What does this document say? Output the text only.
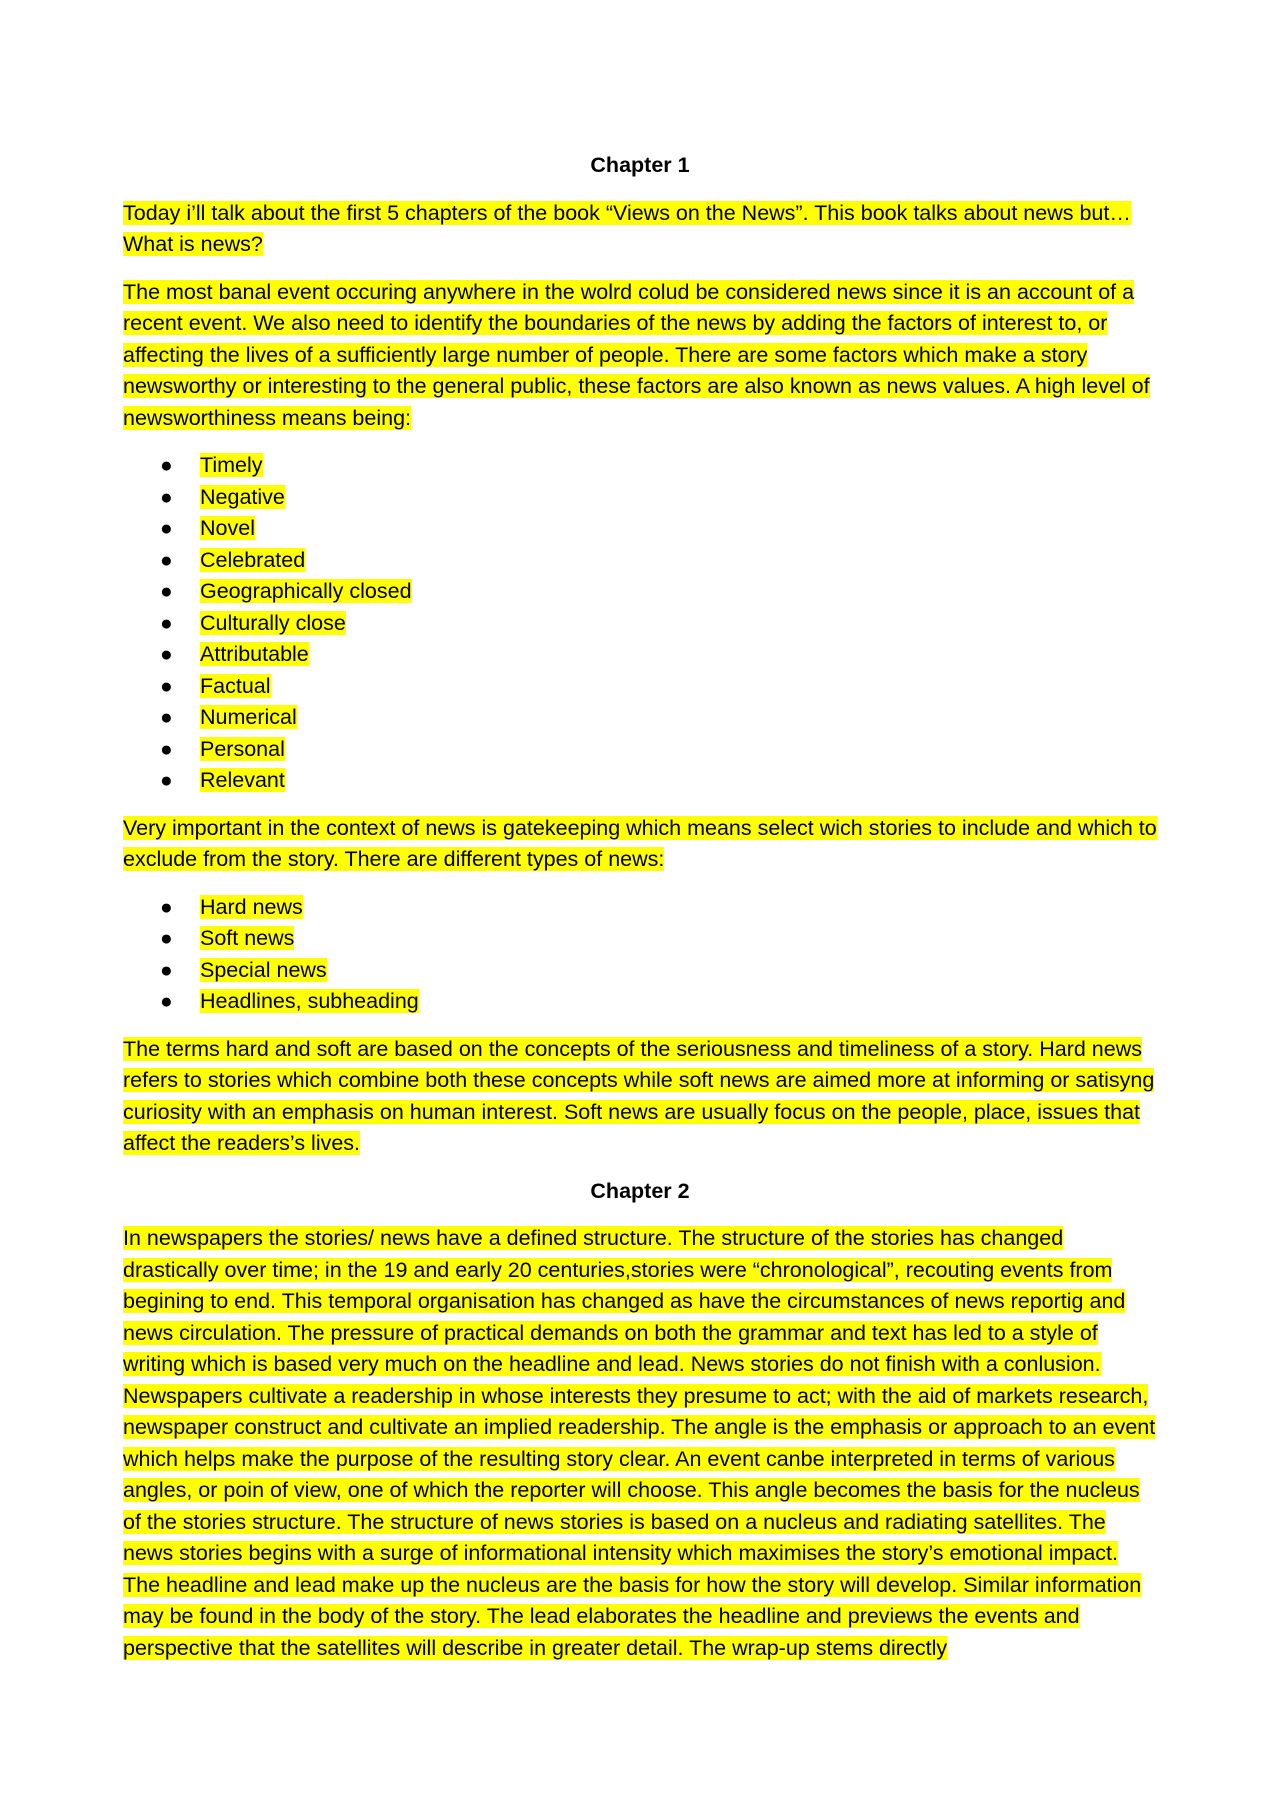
Chapter 1

Today i’ll talk about the first 5 chapters of the book “Views on the News”. This book talks about news but… What is news?

The most banal event occuring anywhere in the wolrd colud be considered news since it is an account of a recent event. We also need to identify the boundaries of the news by adding the factors of interest to, or affecting the lives of a sufficiently large number of people. There are some factors which make a story newsworthy or interesting to the general public, these factors are also known as news values. A high level of newsworthiness means being:

● Timely
● Negative
● Novel
● Celebrated
● Geographically closed
● Culturally close
● Attributable
● Factual
● Numerical
● Personal
● Relevant

Very important in the context of news is gatekeeping which means select wich stories to include and which to exclude from the story. There are different types of news:

● Hard news
● Soft news
● Special news
● Headlines, subheading

The terms hard and soft are based on the concepts of the seriousness and timeliness of a story. Hard news refers to stories which combine both these concepts while soft news are aimed more at informing or satisyng curiosity with an emphasis on human interest. Soft news are usually focus on the people, place, issues that affect the readers’s lives.

Chapter 2

In newspapers the stories/ news have a defined structure. The structure of the stories has changed drastically over time; in the 19 and early 20 centuries,stories were “chronological”, recouting events from begining to end. This temporal organisation has changed as have the circumstances of news reportig and news circulation. The pressure of practical demands on both the grammar and text has led to a style of writing which is based very much on the headline and lead. News stories do not finish with a conlusion. Newspapers cultivate a readership in whose interests they presume to act; with the aid of markets research, newspaper construct and cultivate an implied readership. The angle is the emphasis or approach to an event which helps make the purpose of the resulting story clear. An event canbe interpreted in terms of various angles, or poin of view, one of which the reporter will choose. This angle becomes the basis for the nucleus of the stories structure. The structure of news stories is based on a nucleus and radiating satellites. The news stories begins with a surge of informational intensity which maximises the story’s emotional impact. The headline and lead make up the nucleus are the basis for how the story will develop. Similar information may be found in the body of the story. The lead elaborates the headline and previews the events and perspective that the satellites will describe in greater detail. The wrap-up stems directly
